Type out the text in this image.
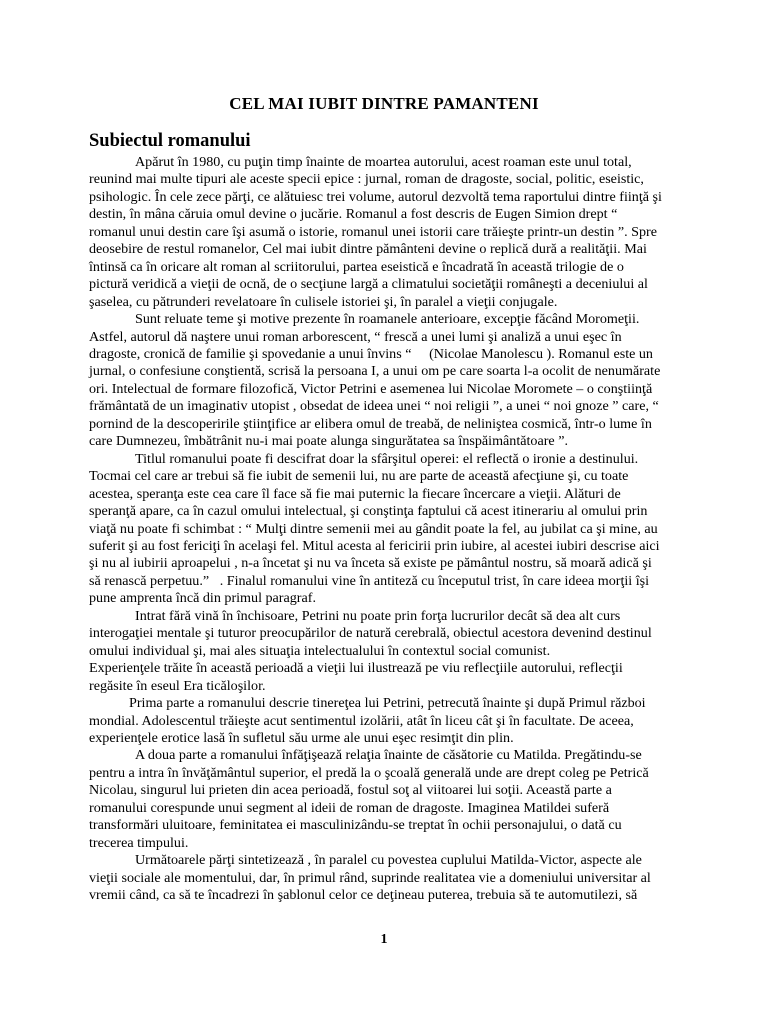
CEL MAI IUBIT DINTRE PAMANTENI
Subiectul romanului
Apărut în 1980, cu puţin timp înainte de moartea autorului, acest roaman este unul total,
reunind mai multe tipuri ale aceste specii epice : jurnal, roman de dragoste, social, politic, eseistic,
psihologic. În cele zece părţi, ce alătuiesc trei volume, autorul dezvoltă tema raportului dintre fiinţă şi
destin, în mâna căruia omul devine o jucărie. Romanul a fost descris de Eugen Simion drept “
romanul unui destin care îşi asumă o istorie, romanul unei istorii care trăieşte printr-un destin ”. Spre
deosebire de restul romanelor, Cel mai iubit dintre pământeni devine o replică dură a realităţii. Mai
întinsă ca în oricare alt roman al scriitorului, partea eseistică e încadrată în această trilogie de o
pictură veridică a vieţii de ocnă, de o secţiune largă a climatului societăţii româneşti a deceniului al
şaselea, cu pătrunderi revelatoare în culisele istoriei şi, în paralel a vieţii conjugale.
Sunt reluate teme şi motive prezente în roamanele anterioare, excepţie făcând Moromeţii.
Astfel, autorul dă naştere unui roman arborescent, “ frescă a unei lumi şi analiză a unui eşec în
dragoste, cronică de familie şi spovedanie a unui învins “     (Nicolae Manolescu ). Romanul este un
jurnal, o confesiune conştientă, scrisă la persoana I, a unui om pe care soarta l-a ocolit de nenumărate
ori. Intelectual de formare filozofică, Victor Petrini e asemenea lui Nicolae Moromete – o conştiinţă
frământată de un imaginativ utopist , obsedat de ideea unei “ noi religii ”, a unei “ noi gnoze ” care, “
pornind de la descoperirile ştiinţifice ar elibera omul de treabă, de nelinişteа cosmică, într-o lume în
care Dumnezeu, îmbătrânit nu-i mai poate alunga singurătatea sa înspăimântătoare ”.
Titlul romanului poate fi descifrat doar la sfârşitul operei: el reflectă o ironie a destinului.
Tocmai cel care ar trebui să fie iubit de semenii lui, nu are parte de această afecţiune şi, cu toate
acestea, speranţa este cea care îl face să fie mai puternic la fiecare încercare a vieţii. Alături de
speranţă apare, ca în cazul omului intelectual, şi conştinţa faptului că acest itinerariu al omului prin
viaţă nu poate fi schimbat : “ Mulţi dintre semenii mei au gândit poate la fel, au jubilat ca şi mine, au
suferit şi au fost fericiţi în acelaşi fel. Mitul acesta al fericirii prin iubire, al acestei iubiri descrise aici
şi nu al iubirii aproapelui , n-a încetat şi nu va înceta să existe pe pământul nostru, să moară adică şi
să renască perpetuu.”   . Finalul romanului vine în antiteză cu începutul trist, în care ideea morţii îşi
pune amprenta încă din primul paragraf.
Intrat fără vină în închisoare, Petrini nu poate prin forţa lucrurilor decât să dea alt curs
interogaţiei mentale şi tuturor preocupărilor de natură cerebrală, obiectul acestora devenind destinul
omului individual şi, mai ales situaţia intelectualului în contextul social comunist.
Experienţele trăite în această perioadă a vieţii lui ilustrează pe viu reflecţiile autorului, reflecţii
regăsite în eseul Era ticăloşilor.
Prima parte a romanului descrie tinereţea lui Petrini, petrecută înainte şi după Primul război
mondial. Adolescentul trăieşte acut sentimentul izolării, atât în liceu cât şi în facultate. De aceea,
experienţele erotice lasă în sufletul său urme ale unui eşec resimţit din plin.
A doua parte a romanului înfăţişează relaţia înainte de căsătorie cu Matilda. Pregătindu-se
pentru a intra în învăţământul superior, el predă la o şcoală generală unde are drept coleg pe Petrică
Nicolau, singurul lui prieten din acea perioadă, fostul soţ al viitoarei lui soţii. Această parte a
romanului corespunde unui segment al ideii de roman de dragoste. Imaginea Matildei suferă
transformări uluitoare, feminitatea ei masculinizându-se treptat în ochii personajului, o dată cu
trecerea timpului.
Următoarele părţi sintetizează , în paralel cu povestea cuplului Matilda-Victor, aspecte ale
vieţii sociale ale momentului, dar, în primul rând, suprinde realitatea vie a domeniului universitar al
vremii când, ca să te încadrezi în şablonul celor ce deţineau puterea, trebuia să te automutilezi, să
1
